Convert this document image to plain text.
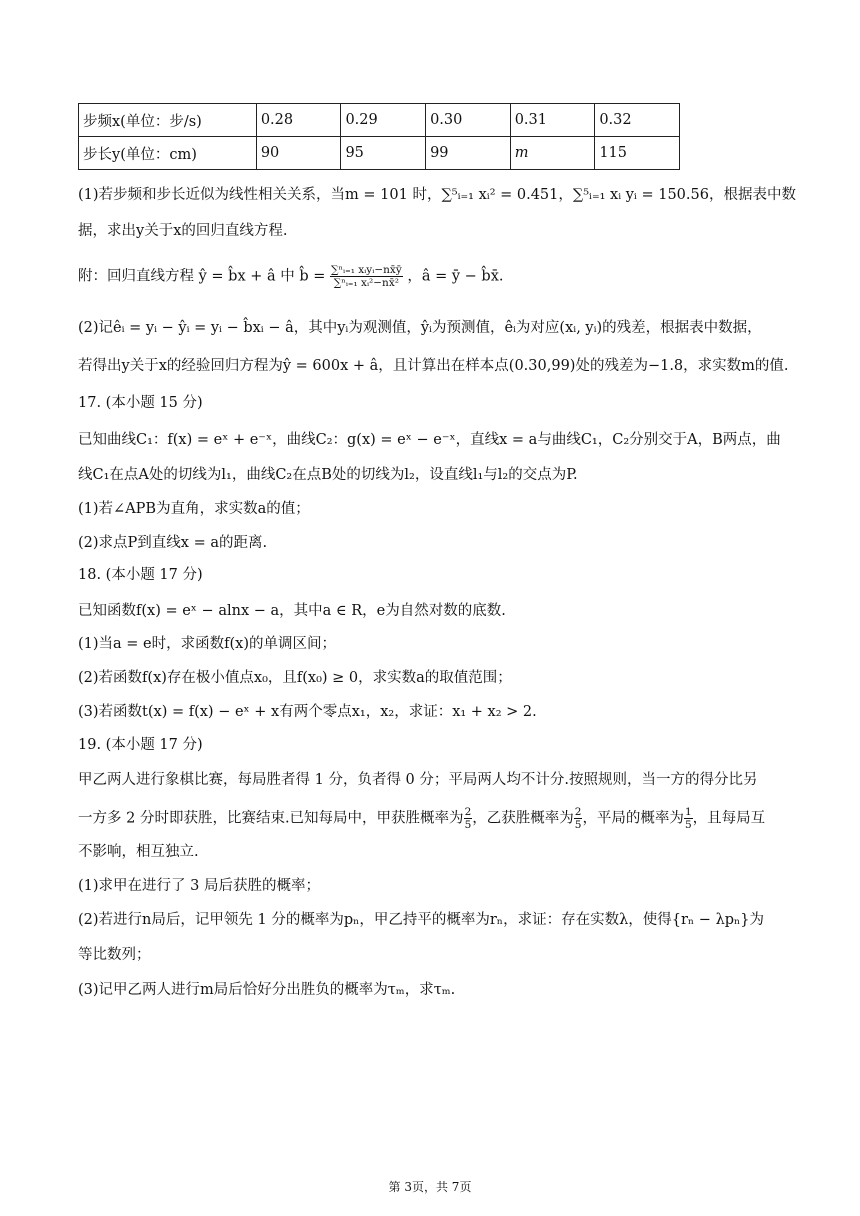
步频x(单位：步/s)	0.28	0.29	0.30	0.31	0.32
步长y(单位：cm)	90	95	99	m	115
(1)若步频和步长近似为线性相关关系，当m = 101 时，∑⁵ᵢ₌₁ xᵢ² = 0.451，∑⁵ᵢ₌₁ xᵢ yᵢ = 150.56，根据表中数
据，求出y关于x的回归直线方程.
附：回归直线方程 ŷ = b̂x + â 中 b̂ = $\frac{\text{∑ⁿᵢ₌₁ xᵢyᵢ−nx̄ȳ}}{\text{∑ⁿᵢ₌₁ xᵢ²−nx̄²}}$ ，â = ȳ − b̂x̄.
(2)记êᵢ = yᵢ − ŷᵢ = yᵢ − b̂xᵢ − â，其中yᵢ为观测值，ŷᵢ为预测值，êᵢ为对应(xᵢ, yᵢ)的残差，根据表中数据，
若得出y关于x的经验回归方程为ŷ = 600x + â，且计算出在样本点(0.30,99)处的残差为−1.8，求实数m的值.
17. (本小题 15 分)
已知曲线C₁：f(x) = eˣ + e⁻ˣ，曲线C₂：g(x) = eˣ − e⁻ˣ，直线x = a与曲线C₁，C₂分别交于A，B两点，曲
线C₁在点A处的切线为l₁，曲线C₂在点B处的切线为l₂，设直线l₁与l₂的交点为P.
(1)若∠APB为直角，求实数a的值；
(2)求点P到直线x = a的距离.
18. (本小题 17 分)
已知函数f(x) = eˣ − alnx − a，其中a ∈ R，e为自然对数的底数.
(1)当a = e时，求函数f(x)的单调区间；
(2)若函数f(x)存在极小值点x₀，且f(x₀) ≥ 0，求实数a的取值范围；
(3)若函数t(x) = f(x) − eˣ + x有两个零点x₁，x₂，求证：x₁ + x₂ > 2.
19. (本小题 17 分)
甲乙两人进行象棋比赛，每局胜者得 1 分，负者得 0 分；平局两人均不计分.按照规则，当一方的得分比另
一方多 2 分时即获胜，比赛结束.已知每局中，甲获胜概率为 $\frac{2}{5}$ ，乙获胜概率为 $\frac{2}{5}$ ，平局的概率为 $\frac{1}{5}$ ，且每局互
不影响，相互独立.
(1)求甲在进行了 3 局后获胜的概率；
(2)若进行n局后，记甲领先 1 分的概率为pₙ，甲乙持平的概率为rₙ，求证：存在实数λ，使得{rₙ − λpₙ}为
等比数列；
(3)记甲乙两人进行m局后恰好分出胜负的概率为τₘ，求τₘ.
第 3页，共 7页
